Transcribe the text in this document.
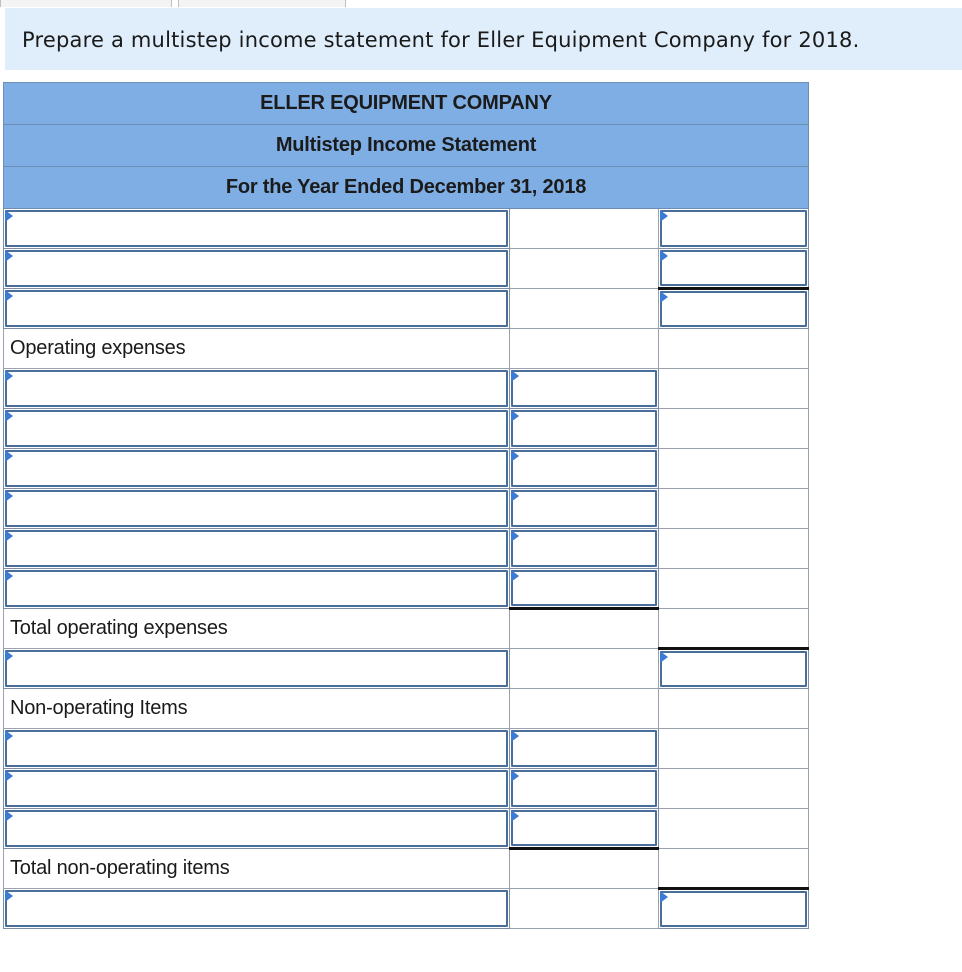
Prepare a multistep income statement for Eller Equipment Company for 2018.
ELLER EQUIPMENT COMPANY		
Multistep Income Statement		
For the Year Ended December 31, 2018		

Operating expenses		

Total operating expenses		

Non-operating Items		

Total non-operating items		
